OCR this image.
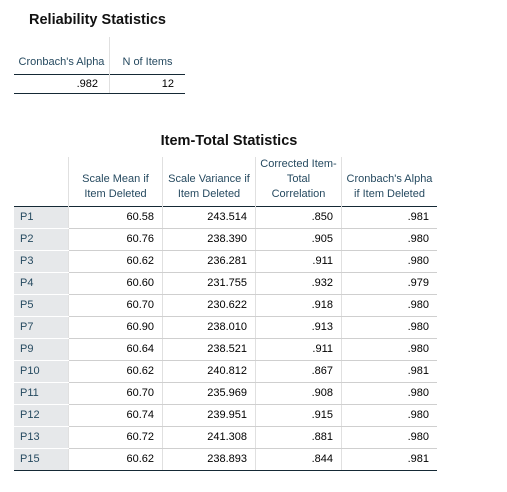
Reliability Statistics
Cronbach's Alpha	N of Items
.982	12
Item-Total Statistics
	Scale Mean if Item Deleted	Scale Variance if Item Deleted	Corrected Item-Total Correlation	Cronbach's Alpha if Item Deleted
P1	60.58	243.514	.850	.981
P2	60.76	238.390	.905	.980
P3	60.62	236.281	.911	.980
P4	60.60	231.755	.932	.979
P5	60.70	230.622	.918	.980
P7	60.90	238.010	.913	.980
P9	60.64	238.521	.911	.980
P10	60.62	240.812	.867	.981
P11	60.70	235.969	.908	.980
P12	60.74	239.951	.915	.980
P13	60.72	241.308	.881	.980
P15	60.62	238.893	.844	.981
